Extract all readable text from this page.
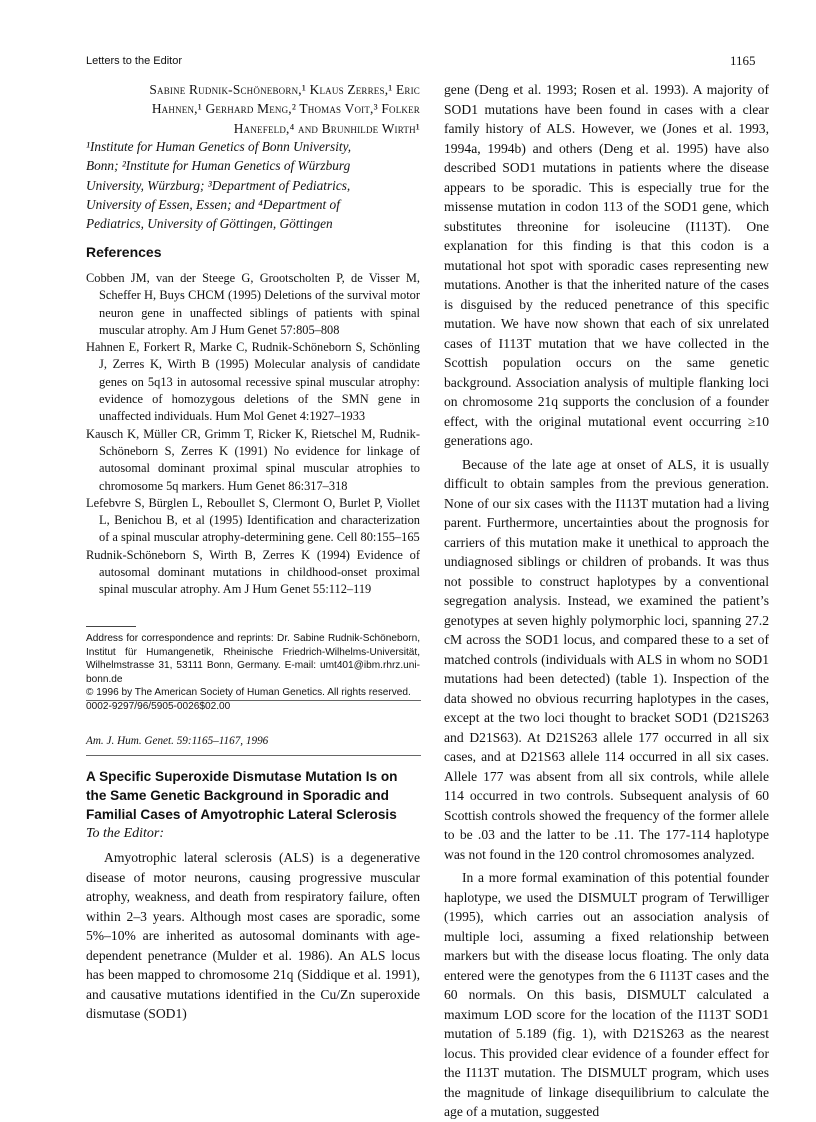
Letters to the Editor	1165
Sabine Rudnik-Schöneborn,¹ Klaus Zerres,¹ Eric
Hahnen,¹ Gerhard Meng,² Thomas Voit,³ Folker
Hanefeld,⁴ and Brunhilde Wirth¹
¹Institute for Human Genetics of Bonn University,
Bonn; ²Institute for Human Genetics of Würzburg
University, Würzburg; ³Department of Pediatrics,
University of Essen, Essen; and ⁴Department of
Pediatrics, University of Göttingen, Göttingen
References

Cobben JM, van der Steege G, Grootscholten P, de Visser M, Scheffer H, Buys CHCM (1995) Deletions of the survival motor neuron gene in unaffected siblings of patients with spinal muscular atrophy. Am J Hum Genet 57:805–808

Hahnen E, Forkert R, Marke C, Rudnik-Schöneborn S, Schönling J, Zerres K, Wirth B (1995) Molecular analysis of candidate genes on 5q13 in autosomal recessive spinal muscular atrophy: evidence of homozygous deletions of the SMN gene in unaffected individuals. Hum Mol Genet 4:1927–1933

Kausch K, Müller CR, Grimm T, Ricker K, Rietschel M, Rudnik-Schöneborn S, Zerres K (1991) No evidence for linkage of autosomal dominant proximal spinal muscular atrophies to chromosome 5q markers. Hum Genet 86:317–318

Lefebvre S, Bürglen L, Reboullet S, Clermont O, Burlet P, Viollet L, Benichou B, et al (1995) Identification and characterization of a spinal muscular atrophy-determining gene. Cell 80:155–165

Rudnik-Schöneborn S, Wirth B, Zerres K (1994) Evidence of autosomal dominant mutations in childhood-onset proximal spinal muscular atrophy. Am J Hum Genet 55:112–119

Address for correspondence and reprints: Dr. Sabine Rudnik-Schöneborn, Institut für Humangenetik, Rheinische Friedrich-Wilhelms-Universität, Wilhelmstrasse 31, 53111 Bonn, Germany. E-mail: umt401@ibm.rhrz.uni-bonn.de
© 1996 by The American Society of Human Genetics. All rights reserved.
0002-9297/96/5905-0026$02.00
Am. J. Hum. Genet. 59:1165–1167, 1996
A Specific Superoxide Dismutase Mutation Is on the Same Genetic Background in Sporadic and Familial Cases of Amyotrophic Lateral Sclerosis
To the Editor:

Amyotrophic lateral sclerosis (ALS) is a degenerative disease of motor neurons, causing progressive muscular atrophy, weakness, and death from respiratory failure, often within 2–3 years. Although most cases are sporadic, some 5%–10% are inherited as autosomal dominants with age-dependent penetrance (Mulder et al. 1986). An ALS locus has been mapped to chromosome 21q (Siddique et al. 1991), and causative mutations identified in the Cu/Zn superoxide dismutase (SOD1)

gene (Deng et al. 1993; Rosen et al. 1993). A majority of SOD1 mutations have been found in cases with a clear family history of ALS. However, we (Jones et al. 1993, 1994a, 1994b) and others (Deng et al. 1995) have also described SOD1 mutations in patients where the disease appears to be sporadic. This is especially true for the missense mutation in codon 113 of the SOD1 gene, which substitutes threonine for isoleucine (I113T). One explanation for this finding is that this codon is a mutational hot spot with sporadic cases representing new mutations. Another is that the inherited nature of the cases is disguised by the reduced penetrance of this specific mutation. We have now shown that each of six unrelated cases of I113T mutation that we have collected in the Scottish population occurs on the same genetic background. Association analysis of multiple flanking loci on chromosome 21q supports the conclusion of a founder effect, with the original mutational event occurring ≥10 generations ago.

Because of the late age at onset of ALS, it is usually difficult to obtain samples from the previous generation. None of our six cases with the I113T mutation had a living parent. Furthermore, uncertainties about the prognosis for carriers of this mutation make it unethical to approach the undiagnosed siblings or children of probands. It was thus not possible to construct haplotypes by a conventional segregation analysis. Instead, we examined the patient’s genotypes at seven highly polymorphic loci, spanning 27.2 cM across the SOD1 locus, and compared these to a set of matched controls (individuals with ALS in whom no SOD1 mutations had been detected) (table 1). Inspection of the data showed no obvious recurring haplotypes in the cases, except at the two loci thought to bracket SOD1 (D21S263 and D21S63). At D21S263 allele 177 occurred in all six cases, and at D21S63 allele 114 occurred in all six cases. Allele 177 was absent from all six controls, while allele 114 occurred in two controls. Subsequent analysis of 60 Scottish controls showed the frequency of the former allele to be .03 and the latter to be .11. The 177-114 haplotype was not found in the 120 control chromosomes analyzed.

In a more formal examination of this potential founder haplotype, we used the DISMULT program of Terwilliger (1995), which carries out an association analysis of multiple loci, assuming a fixed relationship between markers but with the disease locus floating. The only data entered were the genotypes from the 6 I113T cases and the 60 normals. On this basis, DISMULT calculated a maximum LOD score for the location of the I113T SOD1 mutation of 5.189 (fig. 1), with D21S263 as the nearest locus. This provided clear evidence of a founder effect for the I113T mutation. The DISMULT program, which uses the magnitude of linkage disequilibrium to calculate the age of a mutation, suggested
